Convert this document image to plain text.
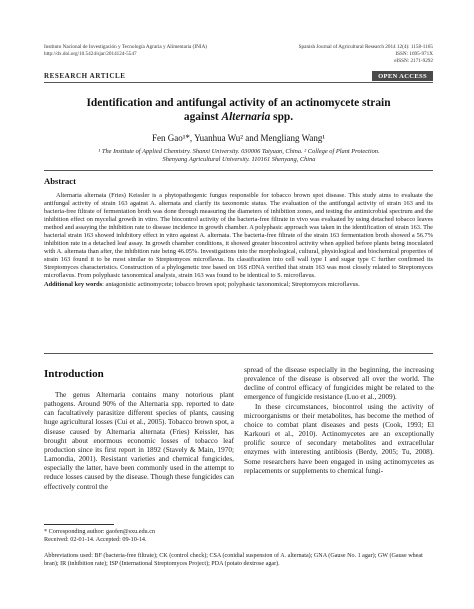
Instituto Nacional de Investigación y Tecnología Agraria y Alimentaria (INIA)
http://dx.doi.org/10.5424/sjar/2014124-5547
Spanish Journal of Agricultural Research 2014 12(4): 1158-1165
ISSN: 1695-971X
eISSN: 2171-9292
RESEARCH ARTICLE	OPEN ACCESS
Identification and antifungal activity of an actinomycete strain
against Alternaria spp.
Fen Gao¹*, Yuanhua Wu² and Mengliang Wang¹
¹ The Institute of Applied Chemistry. Shanxi University. 030006 Taiyuan, China. ² College of Plant Protection.
Shenyang Agricultural University. 110161 Shenyang, China
Abstract

Alternaria alternata (Fries) Keissler is a phytopathogenic fungus responsible for tobacco brown spot disease. This study aims to evaluate the antifungal activity of strain 163 against A. alternata and clarify its taxonomic status. The evaluation of the antifungal activity of strain 163 and its bacteria-free filtrate of fermentation broth was done through measuring the diameters of inhibition zones, and testing the antimicrobial spectrum and the inhibition effect on mycelial growth in vitro. The biocontrol activity of the bacteria-free filtrate in vivo was evaluated by using detached tobacco leaves method and assaying the inhibition rate to disease incidence in growth chamber. A polyphasic approach was taken in the identification of strain 163. The bacterial strain 163 showed inhibitory effect in vitro against A. alternata. The bacteria-free filtrate of the strain 163 fermentation broth showed a 56.7% inhibition rate in a detached leaf assay. In growth chamber conditions, it showed greater biocontrol activity when applied before plants being inoculated with A. alternata than after, the inhibition rate being 46.05%. Investigations into the morphological, cultural, physiological and biochemical properties of strain 163 found it to be most similar to Streptomyces microflavus. Its classification into cell wall type I and sugar type C further confirmed its Streptomyces characteristics. Construction of a phylogenetic tree based on 16S rDNA verified that strain 163 was most closely related to Streptomyces microflavus. From polyphasic taxonomical analysis, strain 163 was found to be identical to S. microflavus.

Additional key words: antagonistic actinomycete; tobacco brown spot; polyphasic taxonomical; Streptomyces microflavus.

Introduction

The genus Alternaria contains many notorious plant pathogens. Around 90% of the Alternaria spp. reported to date can facultatively parasitize different species of plants, causing huge agricultural losses (Cui et al., 2005). Tobacco brown spot, a disease caused by Alternaria alternata (Fries) Keissler, has brought about enormous economic losses of tobacco leaf production since its first report in 1892 (Stavely & Main, 1970; Lamondia, 2001). Resistant varieties and chemical fungicides, especially the latter, have been commonly used in the attempt to reduce losses caused by the disease. Though these fungicides can effectively control the

spread of the disease especially in the beginning, the increasing prevalence of the disease is observed all over the world. The decline of control efficacy of fungicides might be related to the emergence of fungicide resistance (Luo et al., 2009).

In these circumstances, biocontrol using the activity of microorganisms or their metabolites, has become the method of choice to combat plant diseases and pests (Cook, 1993; El Karkouri et al., 2010). Actinomycetes are an exceptionally prolific source of secondary metabolites and extracellular enzymes with interesting antibiosis (Berdy, 2005; Tu, 2008). Some researchers have been engaged in using actinomycetes as replacements or supplements to chemical fungi-

* Corresponding author: gaofen@sxu.edu.cn
Received: 02-01-14. Accepted: 09-10-14.
Abbreviations used: BF (bacteria-free filtrate); CK (control check); CSA (conidial suspension of A. alternata); GNA (Gause No. 1 agar); GW (Gause wheat bran); IR (inhibition rate); ISP (International Streptomyces Project); PDA (potato dextrose agar).
